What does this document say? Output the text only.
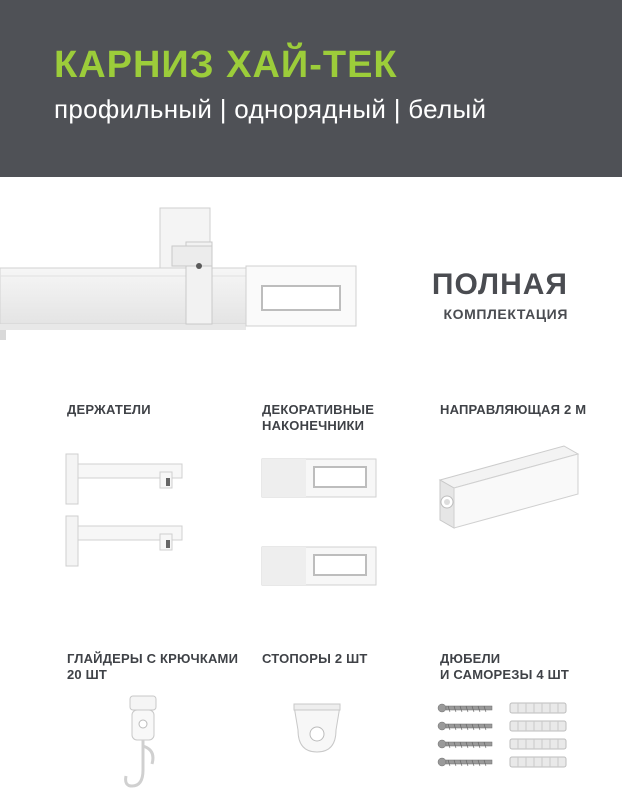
КАРНИЗ ХАЙ-ТЕК
профильный | однорядный | белый
ПОЛНАЯ
КОМПЛЕКТАЦИЯ
ДЕРЖАТЕЛИ	ДЕКОРАТИВНЫЕ
НАКОНЕЧНИКИ
НАПРАВЛЯЮЩАЯ 2 М
ГЛАЙДЕРЫ С КРЮЧКАМИ
20 ШТ
СТОПОРЫ 2 ШТ	ДЮБЕЛИ
И САМОРЕЗЫ 4 ШТ
